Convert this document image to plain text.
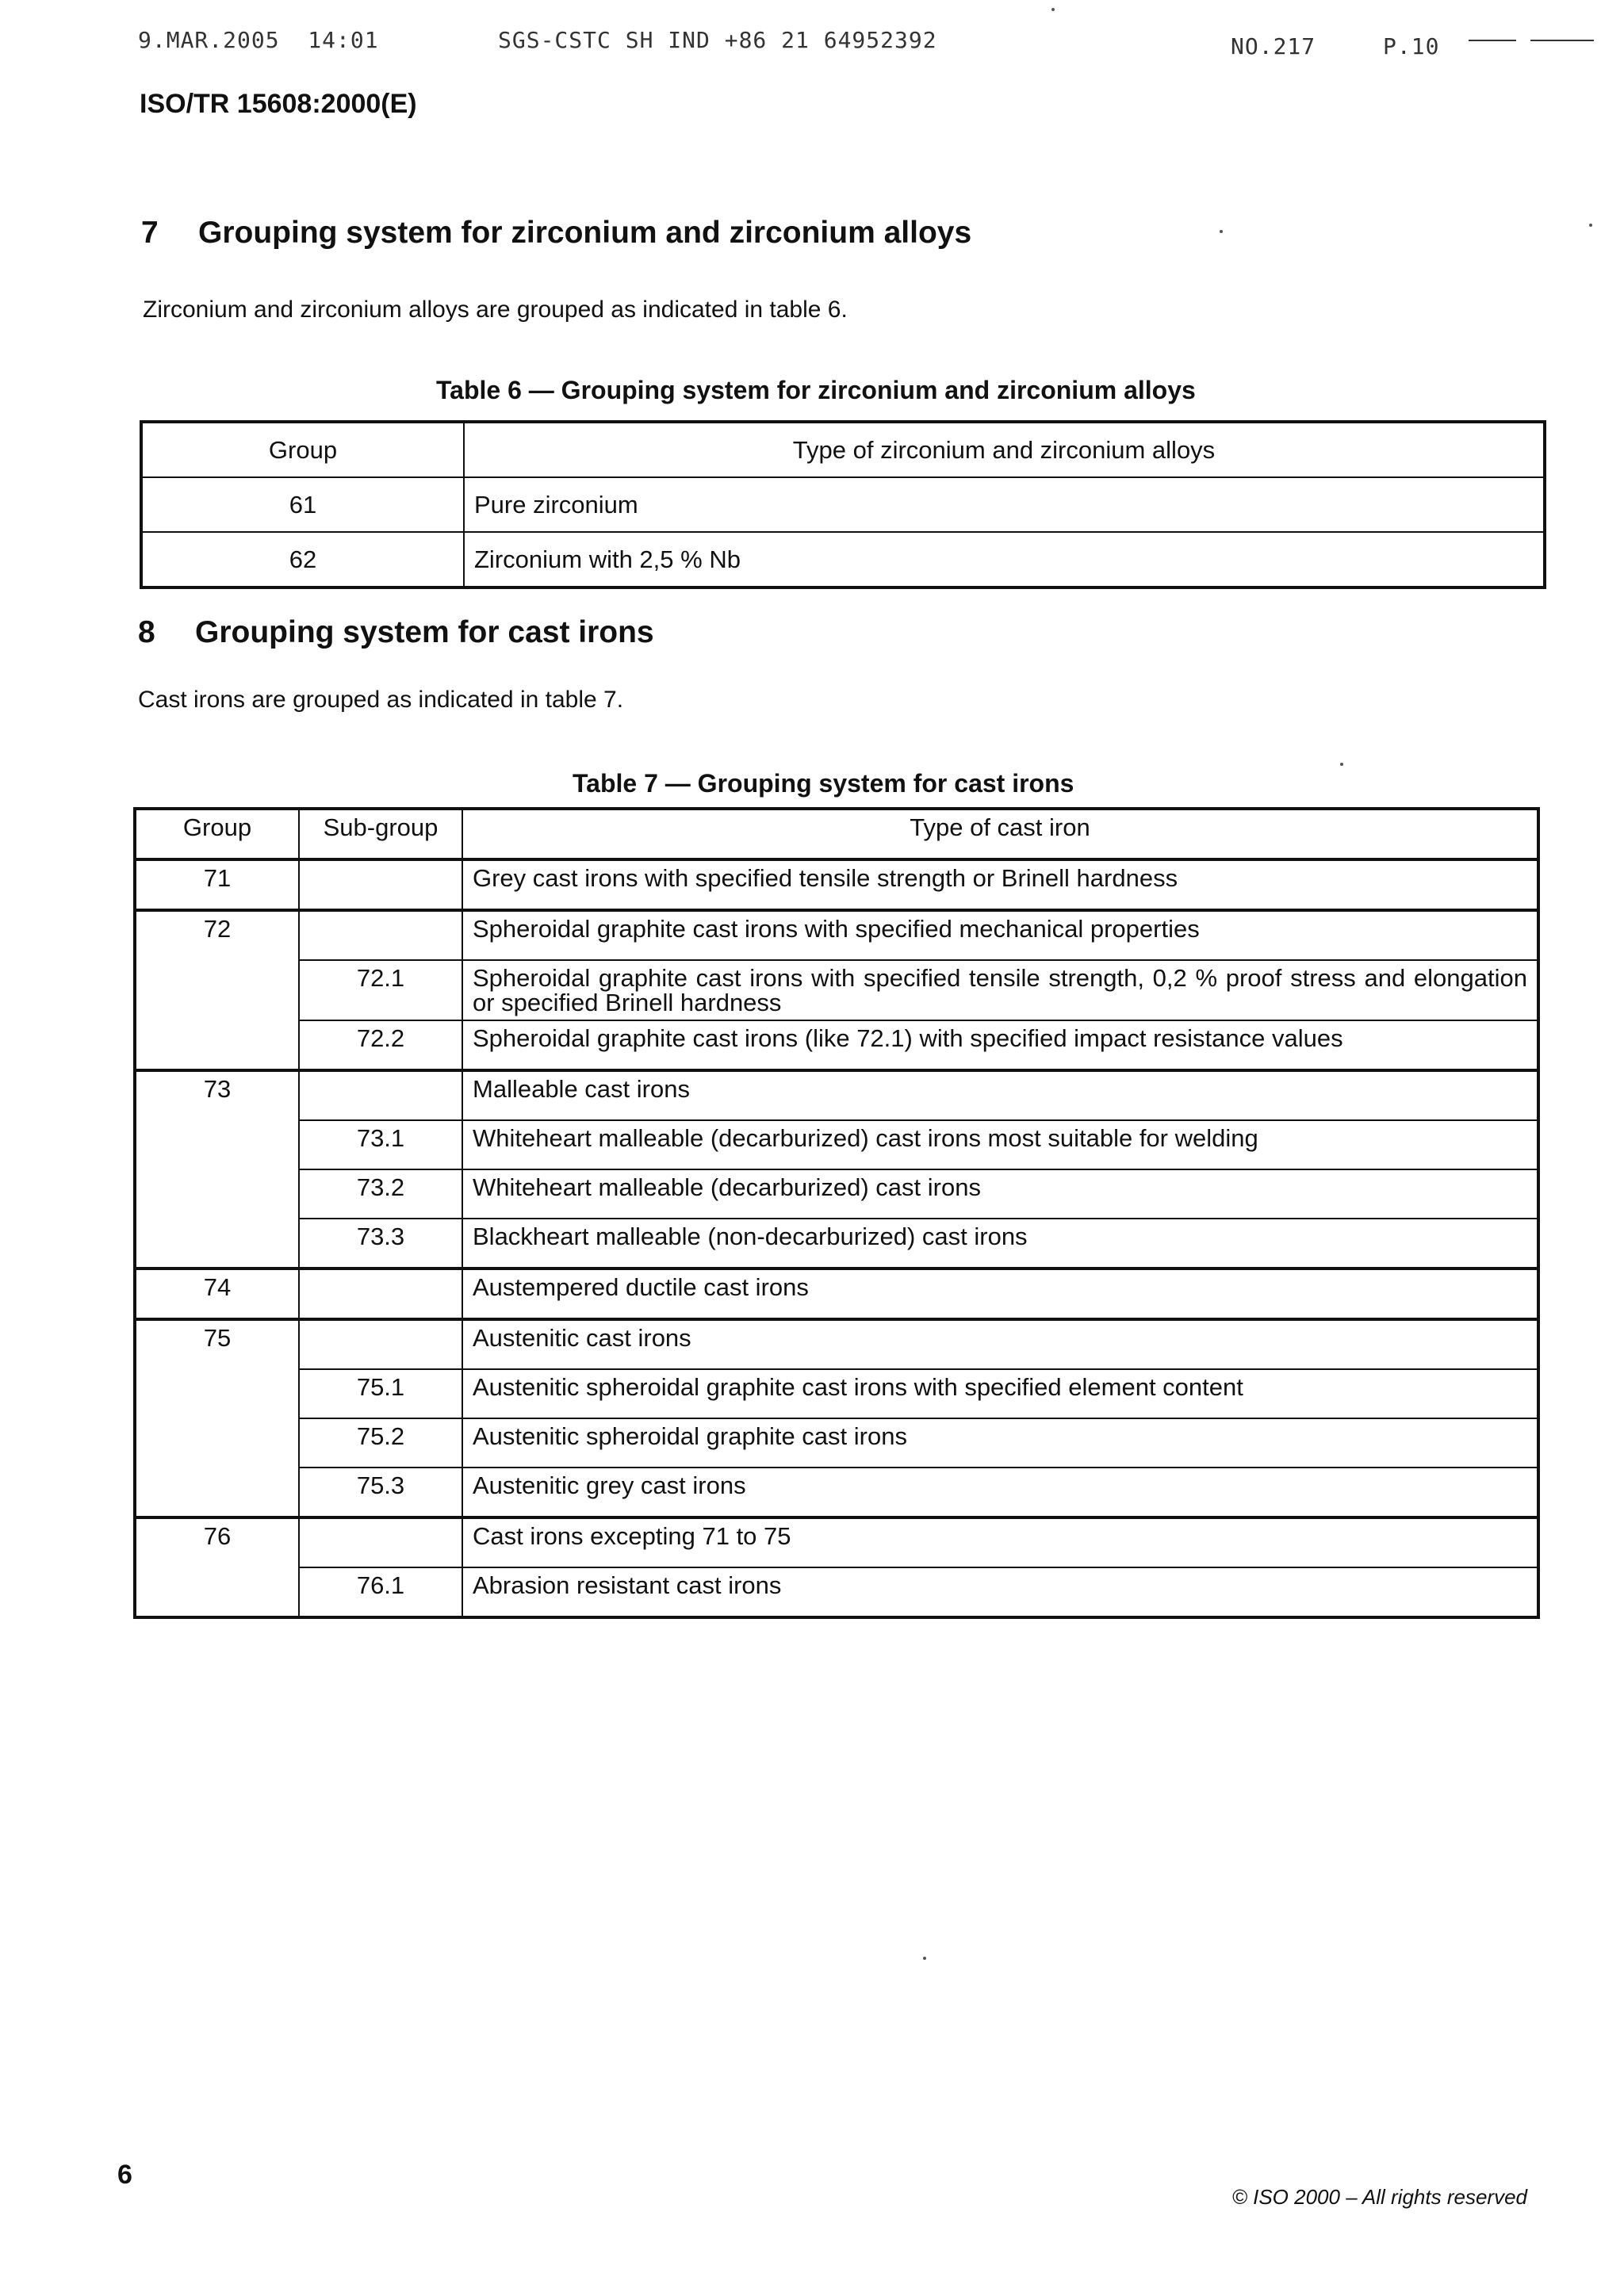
9.MAR.2005  14:01	SGS-CSTC SH IND +86 21 64952392	NO.217	P.10
ISO/TR 15608:2000(E)
7 Grouping system for zirconium and zirconium alloys
Zirconium and zirconium alloys are grouped as indicated in table 6.
Table 6 — Grouping system for zirconium and zirconium alloys
Group	Type of zirconium and zirconium alloys
61	Pure zirconium
62	Zirconium with 2,5 % Nb
8 Grouping system for cast irons
Cast irons are grouped as indicated in table 7.
Table 7 — Grouping system for cast irons
Group	Sub-group	Type of cast iron
71		Grey cast irons with specified tensile strength or Brinell hardness
72		Spheroidal graphite cast irons with specified mechanical properties
	72.1	Spheroidal graphite cast irons with specified tensile strength, 0,2 % proof stress and elongation or specified Brinell hardness
	72.2	Spheroidal graphite cast irons (like 72.1) with specified impact resistance values
73		Malleable cast irons
	73.1	Whiteheart malleable (decarburized) cast irons most suitable for welding
	73.2	Whiteheart malleable (decarburized) cast irons
	73.3	Blackheart malleable (non-decarburized) cast irons
74		Austempered ductile cast irons
75		Austenitic cast irons
	75.1	Austenitic spheroidal graphite cast irons with specified element content
	75.2	Austenitic spheroidal graphite cast irons
	75.3	Austenitic grey cast irons
76		Cast irons excepting 71 to 75
	76.1	Abrasion resistant cast irons
6
© ISO 2000 – All rights reserved
